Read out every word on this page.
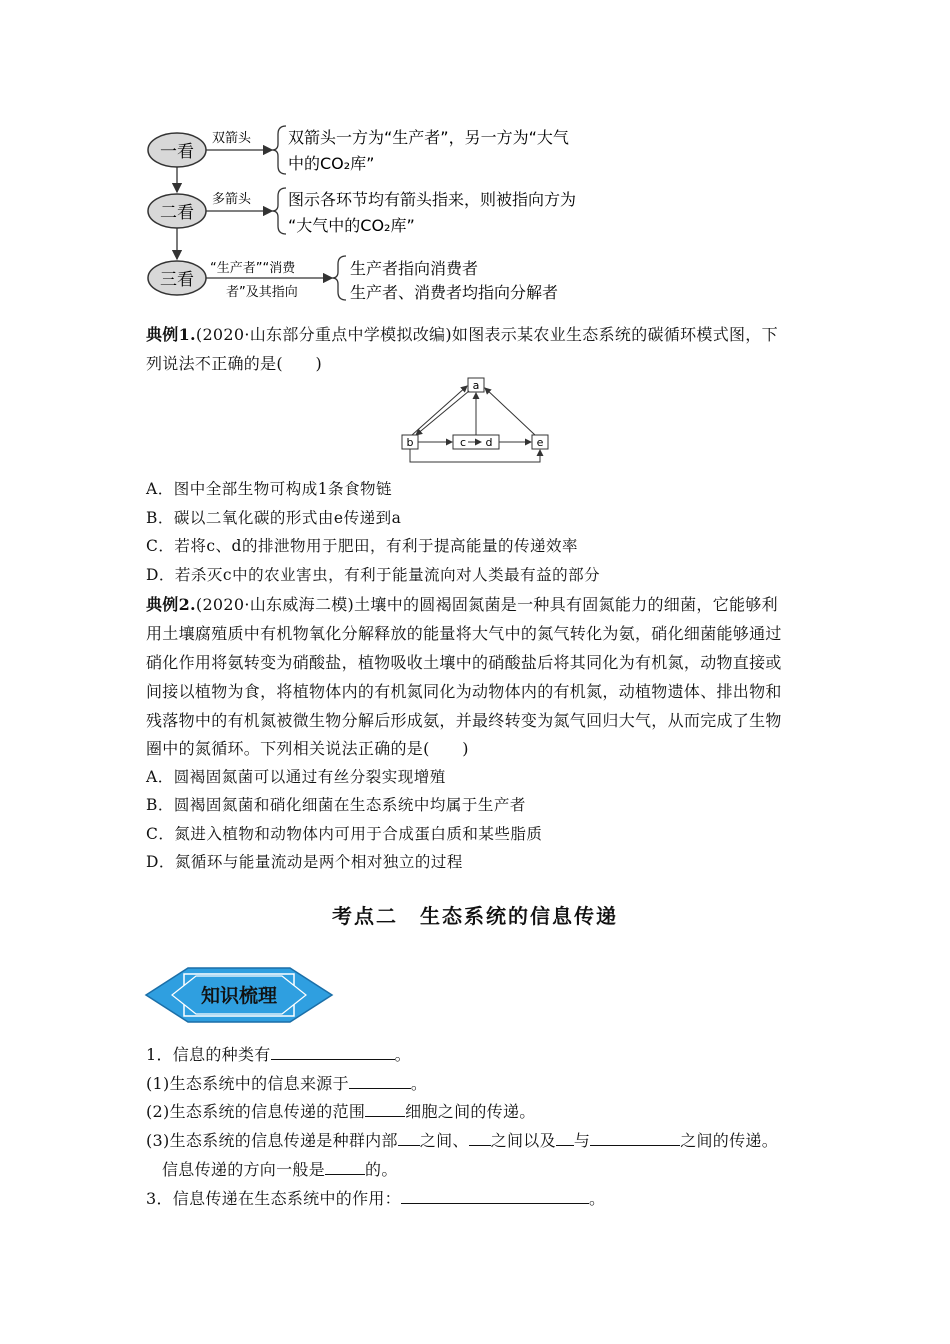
一看
二看
三看
双箭头
多箭头
“生产者”“消费
者”及其指向
双箭头一方为“生产者”，另一方为“大气
中的CO₂库”
图示各环节均有箭头指来，则被指向方为
“大气中的CO₂库”
生产者指向消费者
生产者、消费者均指向分解者
典例1.(2020·山东部分重点中学模拟改编)如图表示某农业生态系统的碳循环模式图，下
列说法不正确的是(　　)
a
b	c d	e
A．图中全部生物可构成1条食物链
B．碳以二氧化碳的形式由e传递到a
C．若将c、d的排泄物用于肥田，有利于提高能量的传递效率
D．若杀灭c中的农业害虫，有利于能量流向对人类最有益的部分
典例2.(2020·山东威海二模)土壤中的圆褐固氮菌是一种具有固氮能力的细菌，它能够利
用土壤腐殖质中有机物氧化分解释放的能量将大气中的氮气转化为氨，硝化细菌能够通过
硝化作用将氨转变为硝酸盐，植物吸收土壤中的硝酸盐后将其同化为有机氮，动物直接或
间接以植物为食，将植物体内的有机氮同化为动物体内的有机氮，动植物遗体、排出物和
残落物中的有机氮被微生物分解后形成氨，并最终转变为氮气回归大气，从而完成了生物
圈中的氮循环。下列相关说法正确的是(　　)
A．圆褐固氮菌可以通过有丝分裂实现增殖
B．圆褐固氮菌和硝化细菌在生态系统中均属于生产者
C．氮进入植物和动物体内可用于合成蛋白质和某些脂质
D．氮循环与能量流动是两个相对独立的过程
考点二　生态系统的信息传递
知识梳理
1．信息的种类有	。
(1)生态系统中的信息来源于	。
(2)生态系统的信息传递的范围	细胞之间的传递。
(3)生态系统的信息传递是种群内部 之间、 之间以及 与	之间的传递。
信息传递的方向一般是	的。
3．信息传递在生态系统中的作用：	。
